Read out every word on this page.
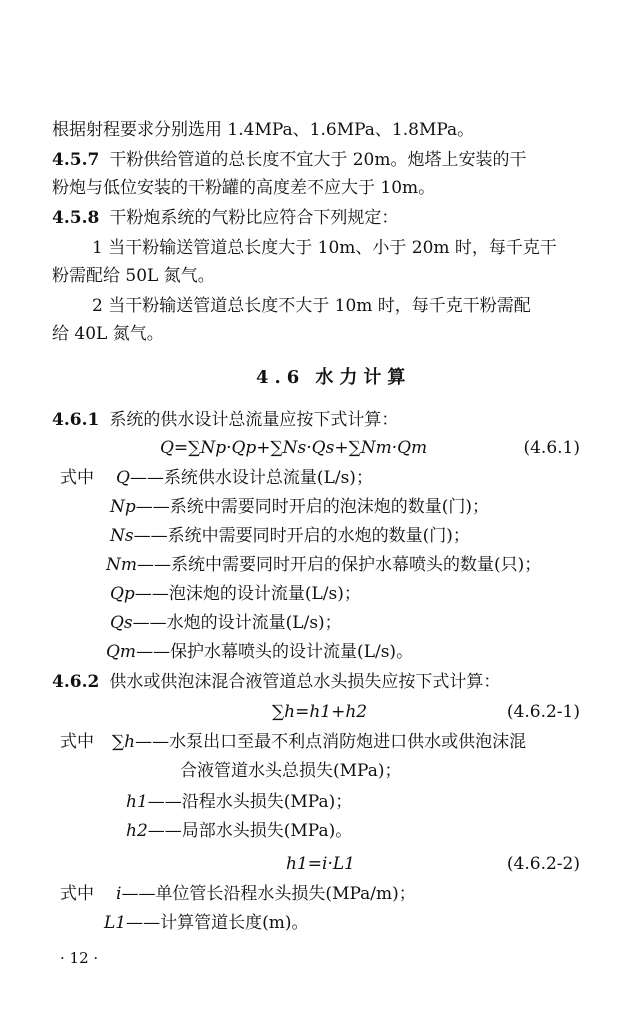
根据射程要求分别选用 1.4MPa、1.6MPa、1.8MPa。
4.5.7 干粉供给管道的总长度不宜大于 20m。炮塔上安装的干
粉炮与低位安装的干粉罐的高度差不应大于 10m。
4.5.8 干粉炮系统的气粉比应符合下列规定：
1 当干粉输送管道总长度大于 10m、小于 20m 时，每千克干
粉需配给 50L 氮气。
2 当干粉输送管道总长度不大于 10m 时，每千克干粉需配
给 40L 氮气。
4.6 水力计算
4.6.1 系统的供水设计总流量应按下式计算：
Q=∑Np·Qp+∑Ns·Qs+∑Nm·Qm	(4.6.1)
式中 Q——系统供水设计总流量(L/s)；
Np——系统中需要同时开启的泡沫炮的数量(门)；
Ns——系统中需要同时开启的水炮的数量(门)；
Nm——系统中需要同时开启的保护水幕喷头的数量(只)；
Qp——泡沫炮的设计流量(L/s)；
Qs——水炮的设计流量(L/s)；
Qm——保护水幕喷头的设计流量(L/s)。
4.6.2 供水或供泡沫混合液管道总水头损失应按下式计算：
∑h=h1+h2	(4.6.2-1)
式中 ∑h——水泵出口至最不利点消防炮进口供水或供泡沫混
合液管道水头总损失(MPa)；
h1——沿程水头损失(MPa)；
h2——局部水头损失(MPa)。
h1=i·L1	(4.6.2-2)
式中 i——单位管长沿程水头损失(MPa/m)；
L1——计算管道长度(m)。
· 12 ·
